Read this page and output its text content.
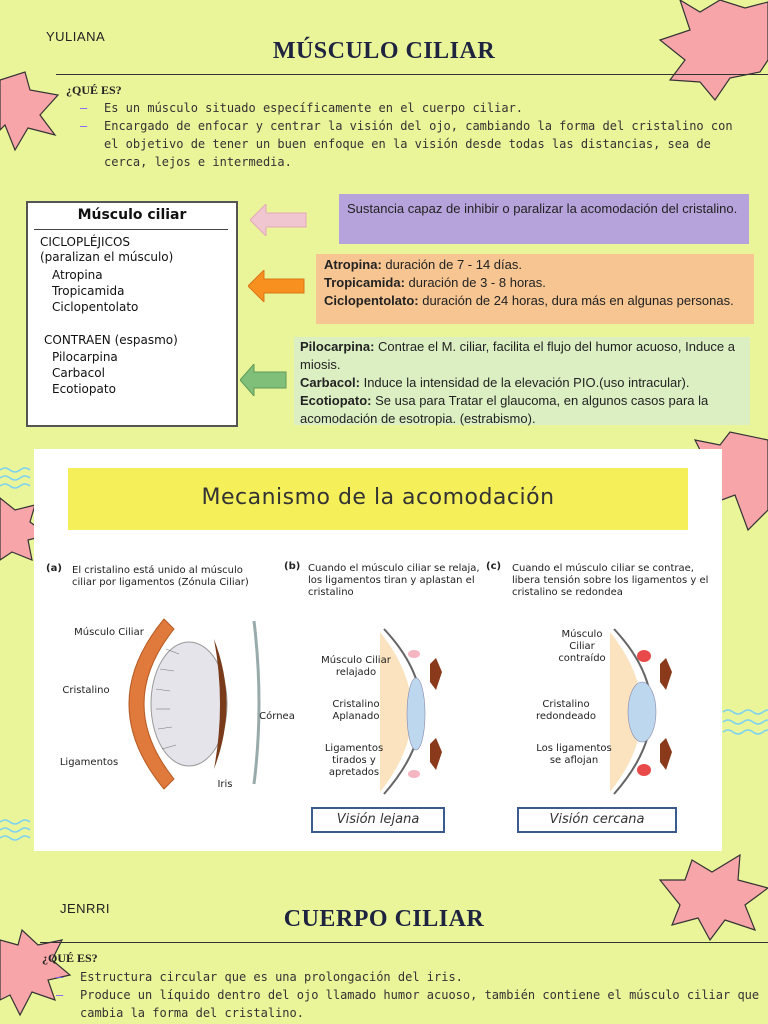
YULIANA
MÚSCULO CILIAR
¿QUÉ ES?
– Es un músculo situado específicamente en el cuerpo ciliar.
– Encargado de enfocar y centrar la visión del ojo, cambiando la forma del cristalino con el objetivo de tener un buen enfoque en la visión desde todas las distancias, sea de cerca, lejos e intermedia.
Músculo ciliar
CICLOPLÉJICOS
(paralizan el músculo)
Atropina
Tropicamida
Ciclopentolato
CONTRAEN (espasmo)
Pilocarpina
Carbacol
Ecotiopato
Sustancia capaz de inhibir o paralizar la acomodación del cristalino.
Atropina: duración de 7 - 14 días.
Tropicamida: duración de 3 - 8 horas.
Ciclopentolato: duración de 24 horas, dura más en algunas personas.
Pilocarpina: Contrae el M. ciliar, facilita el flujo del humor acuoso, Induce a miosis.
Carbacol: Induce la intensidad de la elevación PIO.(uso intracular).
Ecotiopato: Se usa para Tratar el glaucoma, en algunos casos para la acomodación de esotropia. (estrabismo).
Mecanismo de la acomodación
(a) El cristalino está unido al músculo ciliar por ligamentos (Zónula Ciliar)
(b) Cuando el músculo ciliar se relaja, los ligamentos tiran y aplastan el cristalino
(c) Cuando el músculo ciliar se contrae, libera tensión sobre los ligamentos y el cristalino se redondea
Músculo Ciliar
Cristalino
Ligamentos
Córnea
Iris
Músculo Ciliar relajado
Cristalino Aplanado
Ligamentos tirados y apretados
Músculo Ciliar contraído
Cristalino redondeado
Los ligamentos se aflojan
Visión lejana	Visión cercana
JENRRI	CUERPO CILIAR
¿QUÉ ES?
– Estructura circular que es una prolongación del iris.
– Produce un líquido dentro del ojo llamado humor acuoso, también contiene el músculo ciliar que cambia la forma del cristalino.
